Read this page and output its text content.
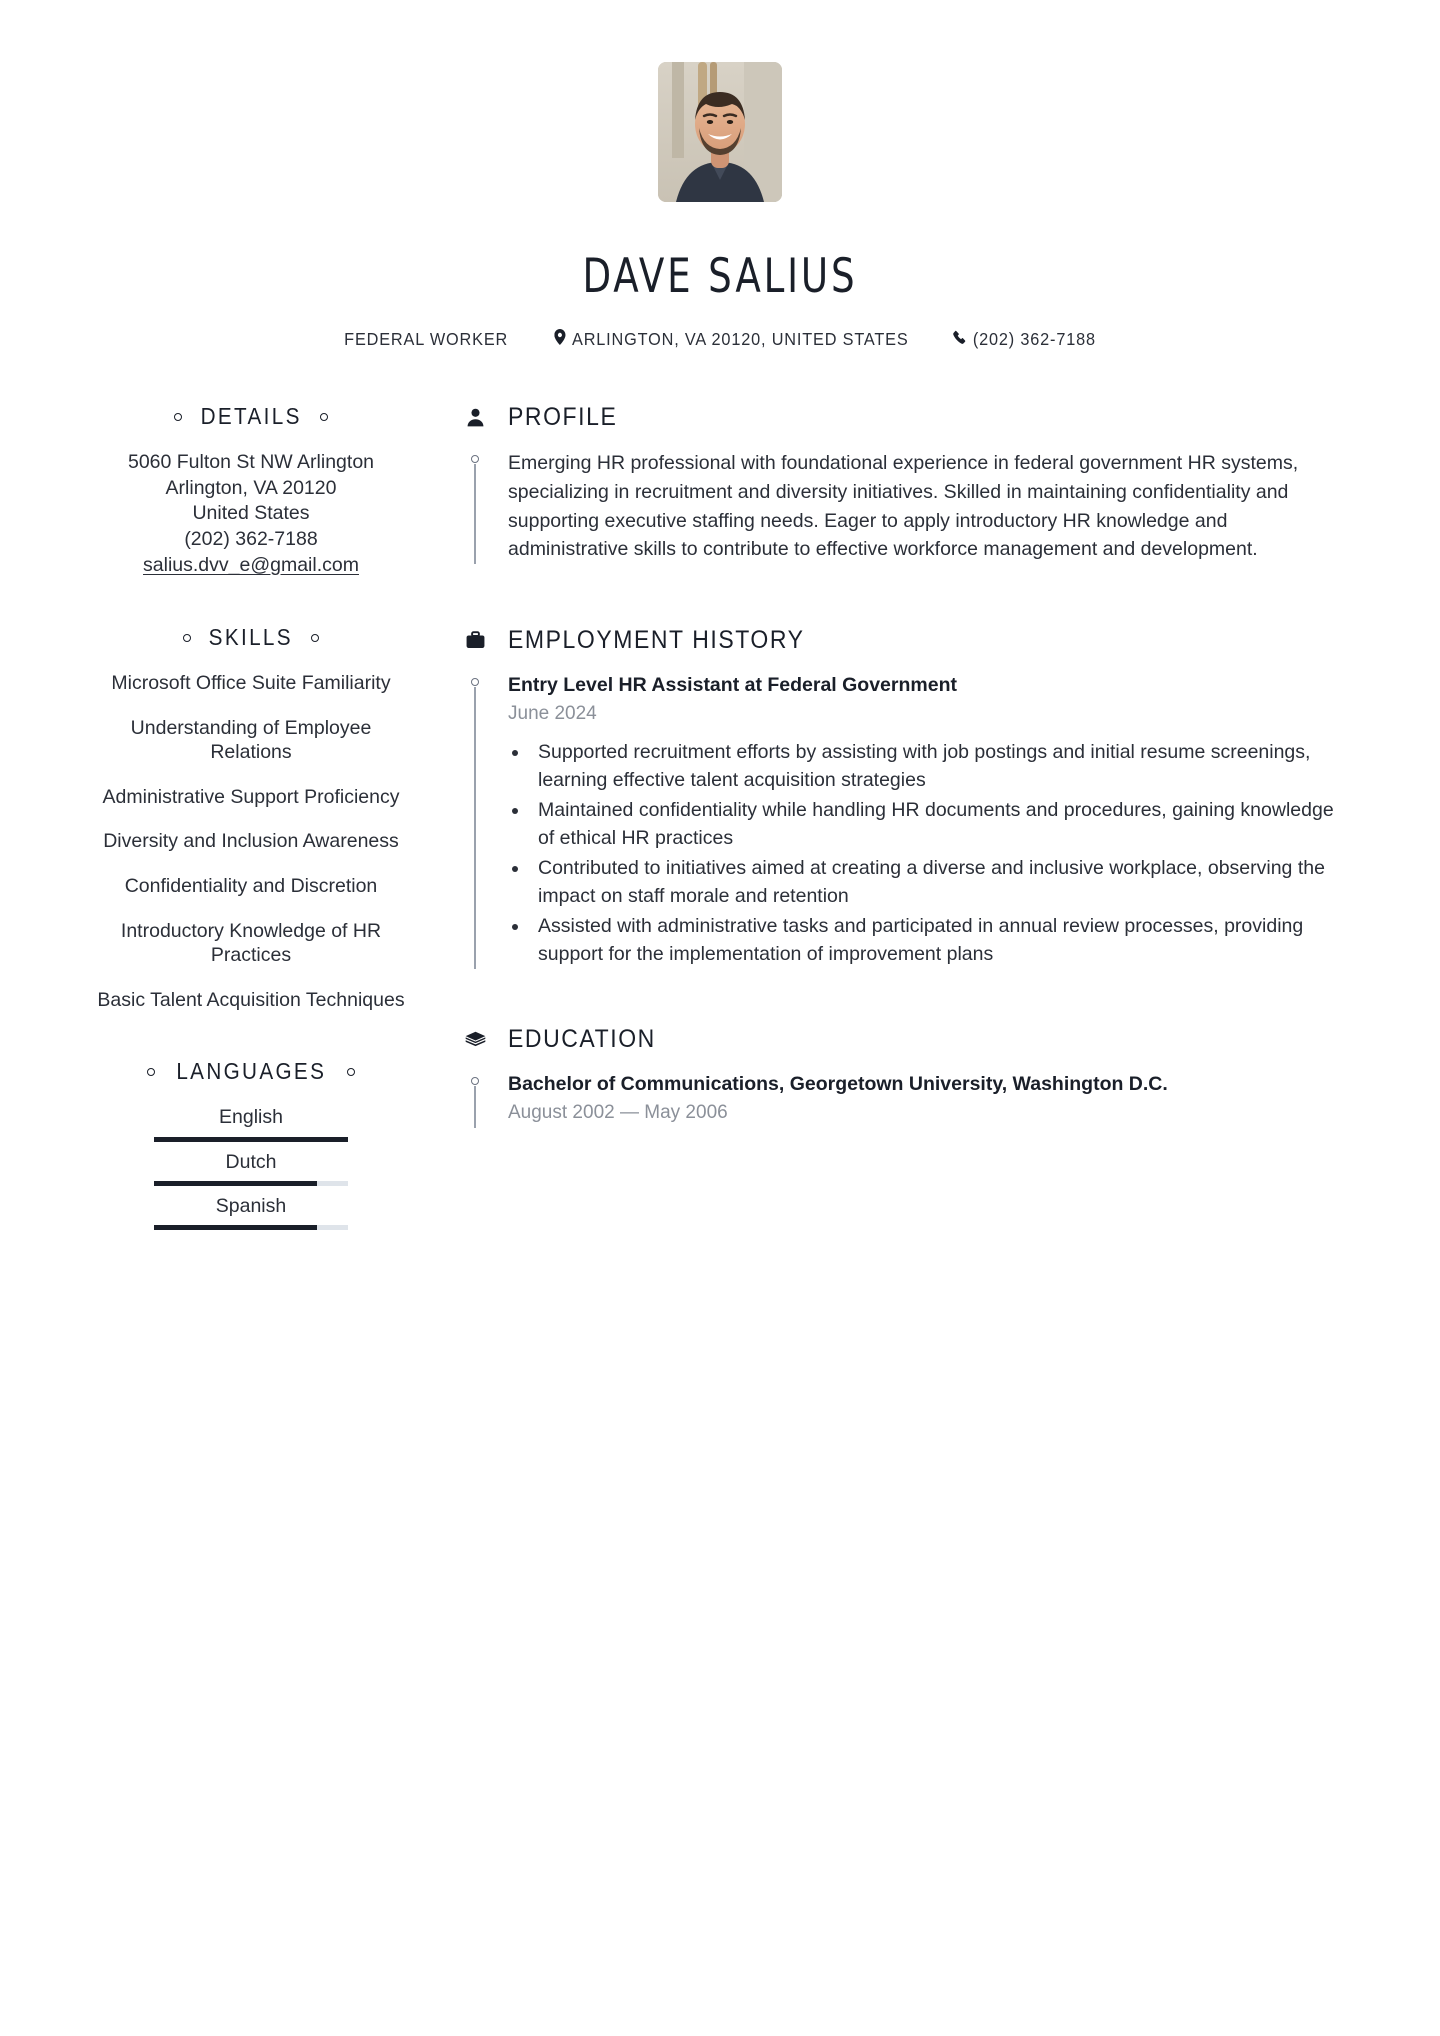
DAVE SALIUS
FEDERAL WORKER	ARLINGTON, VA 20120, UNITED STATES	(202) 362-7188
DETAILS
5060 Fulton St NW Arlington
Arlington, VA 20120
United States
(202) 362-7188
salius.dvv_e@gmail.com
SKILLS
Microsoft Office Suite Familiarity
Understanding of Employee Relations
Administrative Support Proficiency
Diversity and Inclusion Awareness
Confidentiality and Discretion
Introductory Knowledge of HR Practices
Basic Talent Acquisition Techniques
LANGUAGES
English
Dutch
Spanish
PROFILE
Emerging HR professional with foundational experience in federal government HR systems, specializing in recruitment and diversity initiatives. Skilled in maintaining confidentiality and supporting executive staffing needs. Eager to apply introductory HR knowledge and administrative skills to contribute to effective workforce management and development.
EMPLOYMENT HISTORY
Entry Level HR Assistant at Federal Government
June 2024
• Supported recruitment efforts by assisting with job postings and initial resume screenings, learning effective talent acquisition strategies
• Maintained confidentiality while handling HR documents and procedures, gaining knowledge of ethical HR practices
• Contributed to initiatives aimed at creating a diverse and inclusive workplace, observing the impact on staff morale and retention
• Assisted with administrative tasks and participated in annual review processes, providing support for the implementation of improvement plans
EDUCATION
Bachelor of Communications, Georgetown University, Washington D.C.
August 2002 — May 2006
